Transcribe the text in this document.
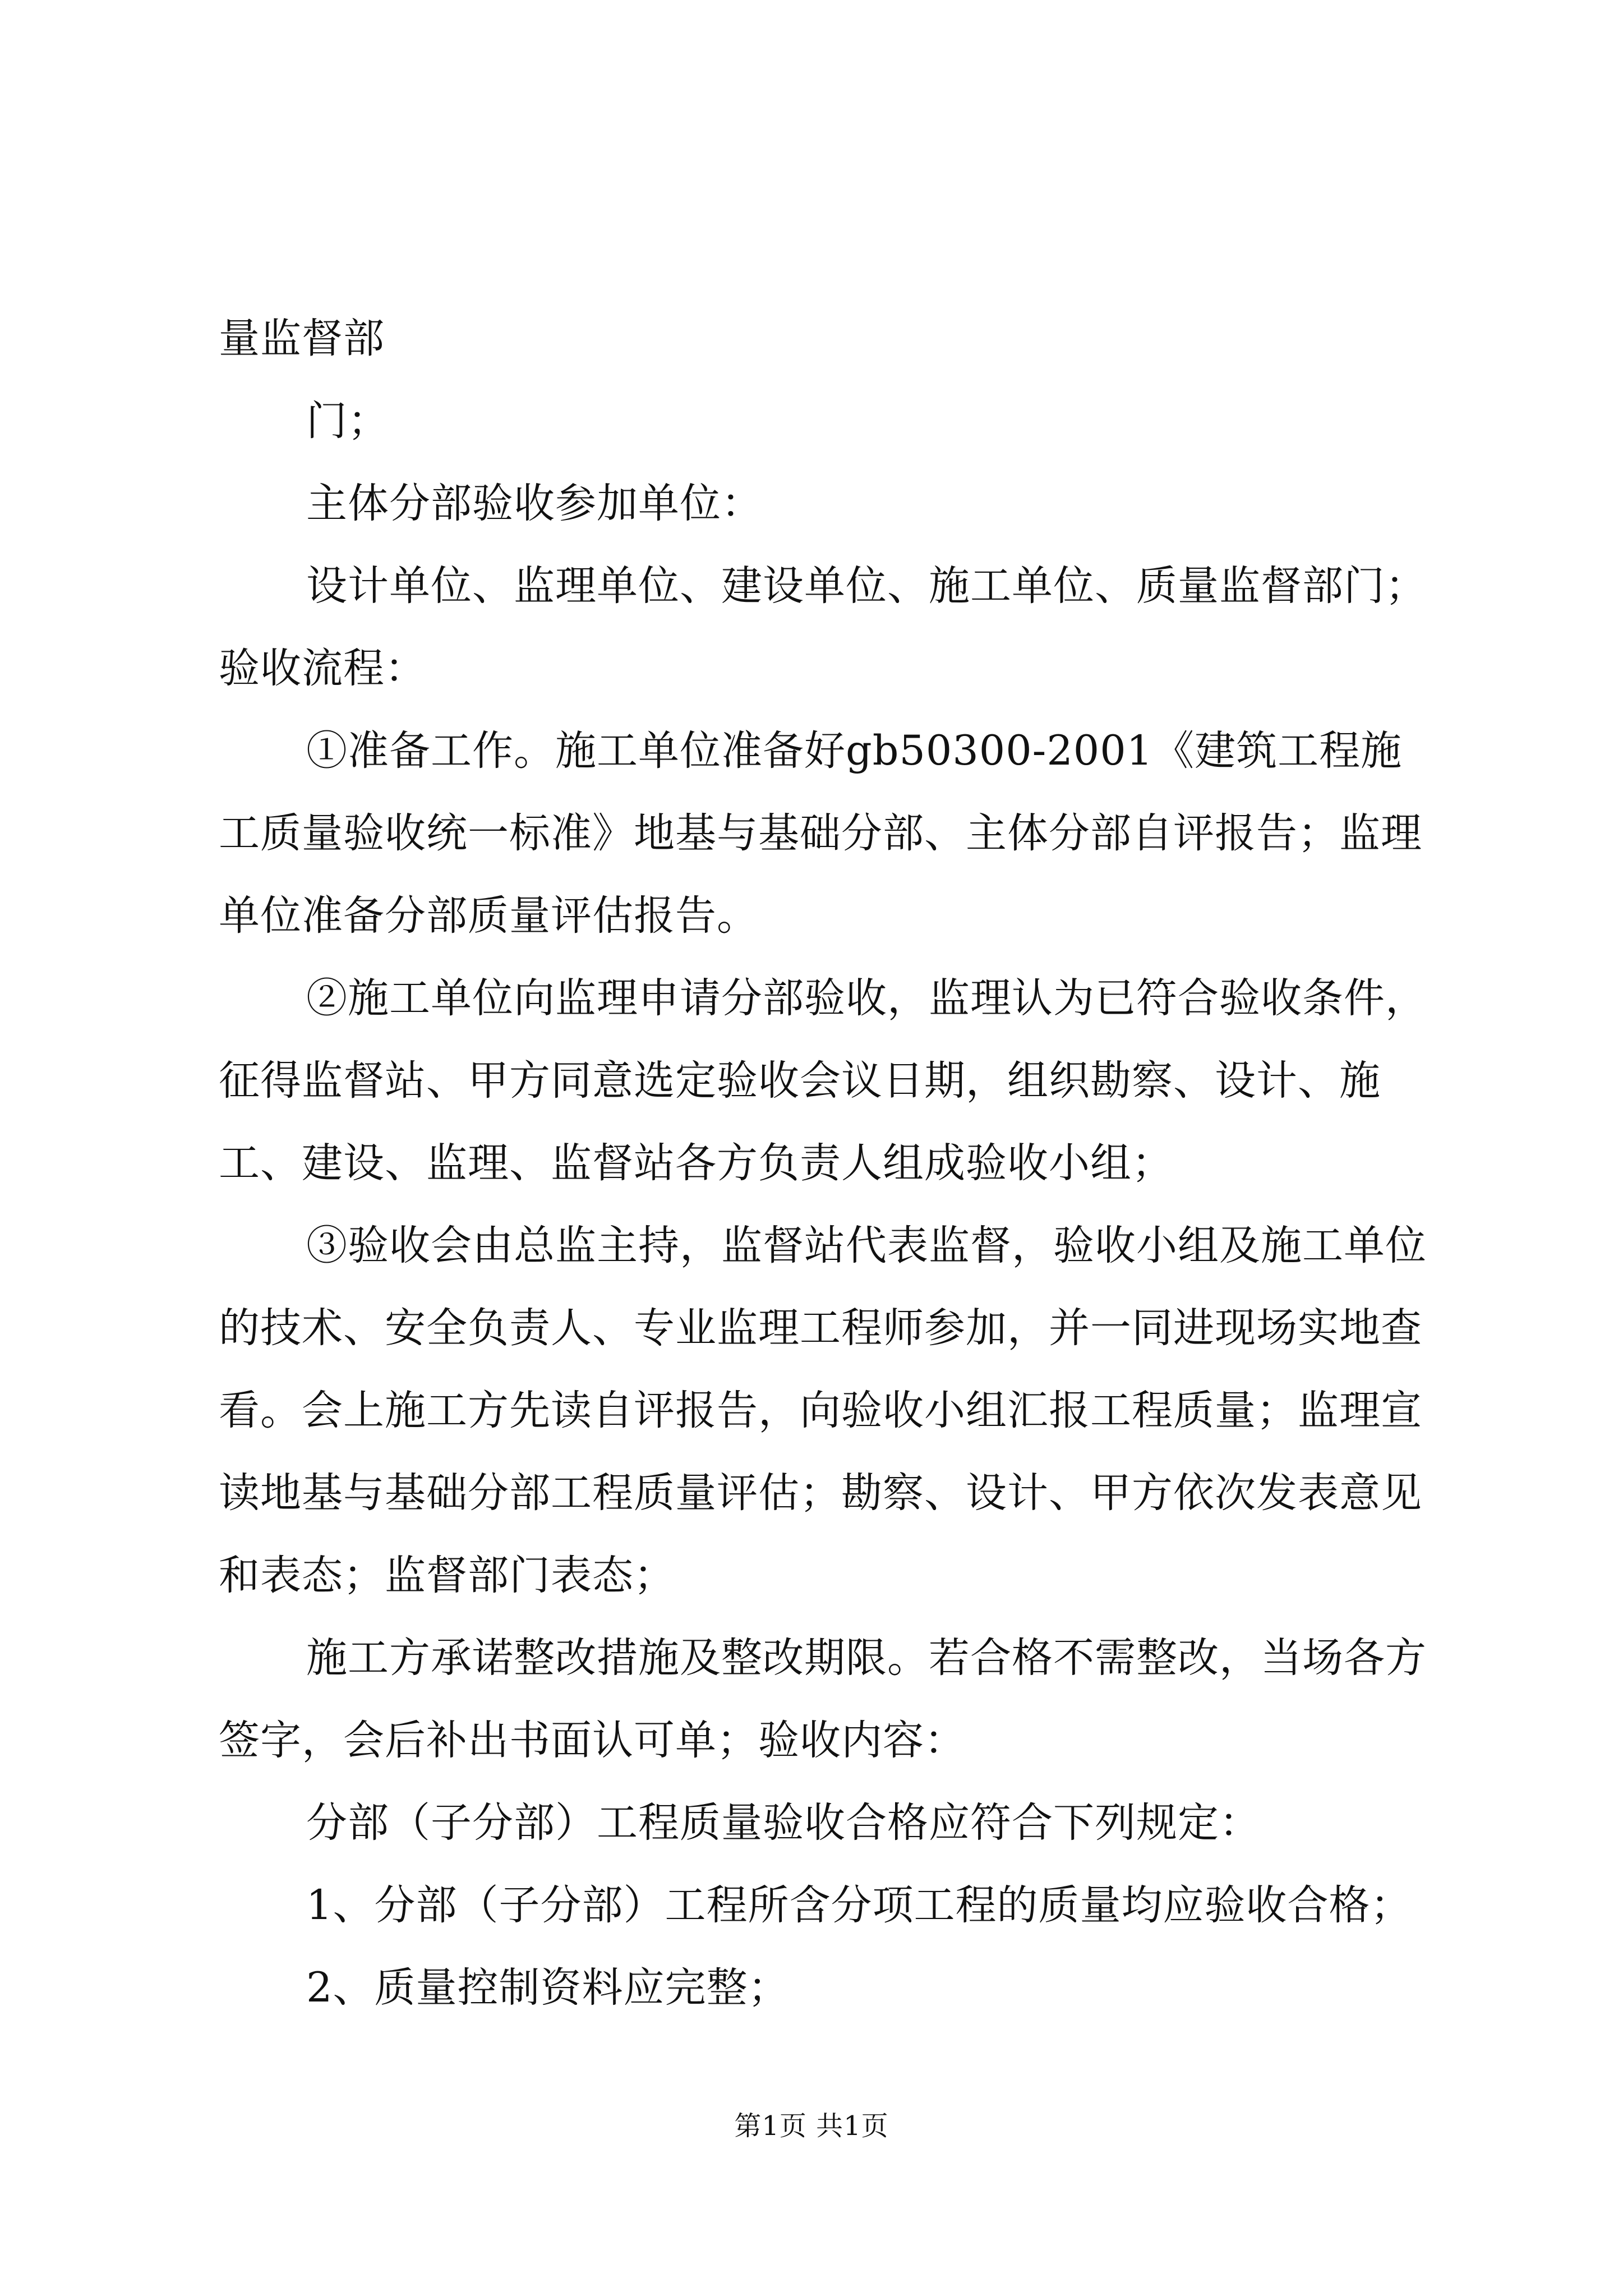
量监督部

门；

主体分部验收参加单位：

设计单位、监理单位、建设单位、施工单位、质量监督部门；验收流程：

①准备工作。施工单位准备好gb50300-2001《建筑工程施工质量验收统一标准》地基与基础分部、主体分部自评报告；监理单位准备分部质量评估报告。

②施工单位向监理申请分部验收，监理认为已符合验收条件，征得监督站、甲方同意选定验收会议日期，组织勘察、设计、施工、建设、监理、监督站各方负责人组成验收小组；

③验收会由总监主持，监督站代表监督，验收小组及施工单位的技术、安全负责人、专业监理工程师参加，并一同进现场实地查看。会上施工方先读自评报告，向验收小组汇报工程质量；监理宣读地基与基础分部工程质量评估；勘察、设计、甲方依次发表意见和表态；监督部门表态；

施工方承诺整改措施及整改期限。若合格不需整改，当场各方签字，会后补出书面认可单；验收内容：

分部（子分部）工程质量验收合格应符合下列规定：

1、分部（子分部）工程所含分项工程的质量均应验收合格；

2、质量控制资料应完整；

第1页 共1页
